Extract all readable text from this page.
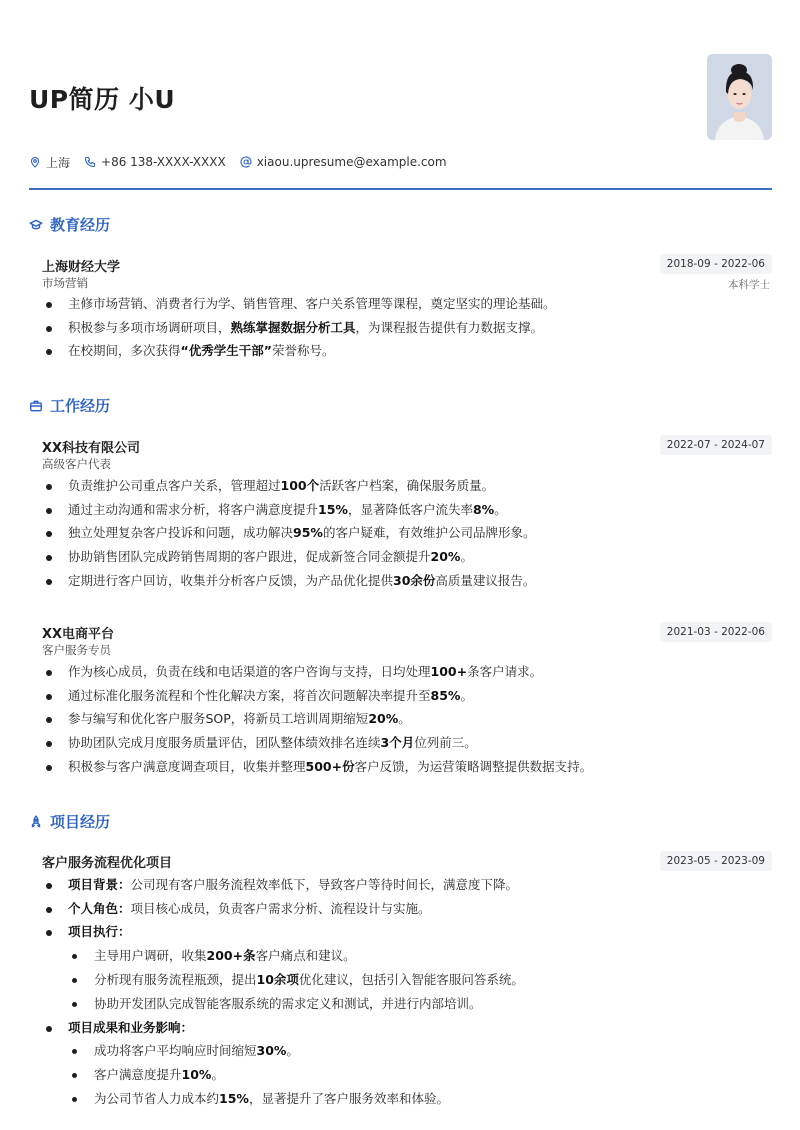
UP简历 小U
上海	+86 138-XXXX-XXXX	xiaou.upresume@example.com
教育经历
上海财经大学
市场营销
2018-09 - 2022-06
本科学士
主修市场营销、消费者行为学、销售管理、客户关系管理等课程，奠定坚实的理论基础。
积极参与多项市场调研项目，熟练掌握数据分析工具，为课程报告提供有力数据支撑。
在校期间，多次获得“优秀学生干部”荣誉称号。
工作经历
XX科技有限公司
高级客户代表
2022-07 - 2024-07
负责维护公司重点客户关系，管理超过100个活跃客户档案，确保服务质量。
通过主动沟通和需求分析，将客户满意度提升15%，显著降低客户流失率8%。
独立处理复杂客户投诉和问题，成功解决95%的客户疑难，有效维护公司品牌形象。
协助销售团队完成跨销售周期的客户跟进，促成新签合同金额提升20%。
定期进行客户回访，收集并分析客户反馈，为产品优化提供30余份高质量建议报告。
XX电商平台
客户服务专员
2021-03 - 2022-06
作为核心成员，负责在线和电话渠道的客户咨询与支持，日均处理100+条客户请求。
通过标准化服务流程和个性化解决方案，将首次问题解决率提升至85%。
参与编写和优化客户服务SOP，将新员工培训周期缩短20%。
协助团队完成月度服务质量评估，团队整体绩效排名连续3个月位列前三。
积极参与客户满意度调查项目，收集并整理500+份客户反馈，为运营策略调整提供数据支持。
项目经历
客户服务流程优化项目	2023-05 - 2023-09
项目背景：公司现有客户服务流程效率低下，导致客户等待时间长，满意度下降。
个人角色：项目核心成员，负责客户需求分析、流程设计与实施。
项目执行：
主导用户调研，收集200+条客户痛点和建议。
分析现有服务流程瓶颈，提出10余项优化建议，包括引入智能客服问答系统。
协助开发团队完成智能客服系统的需求定义和测试，并进行内部培训。
项目成果和业务影响：
成功将客户平均响应时间缩短30%。
客户满意度提升10%。
为公司节省人力成本约15%，显著提升了客户服务效率和体验。
